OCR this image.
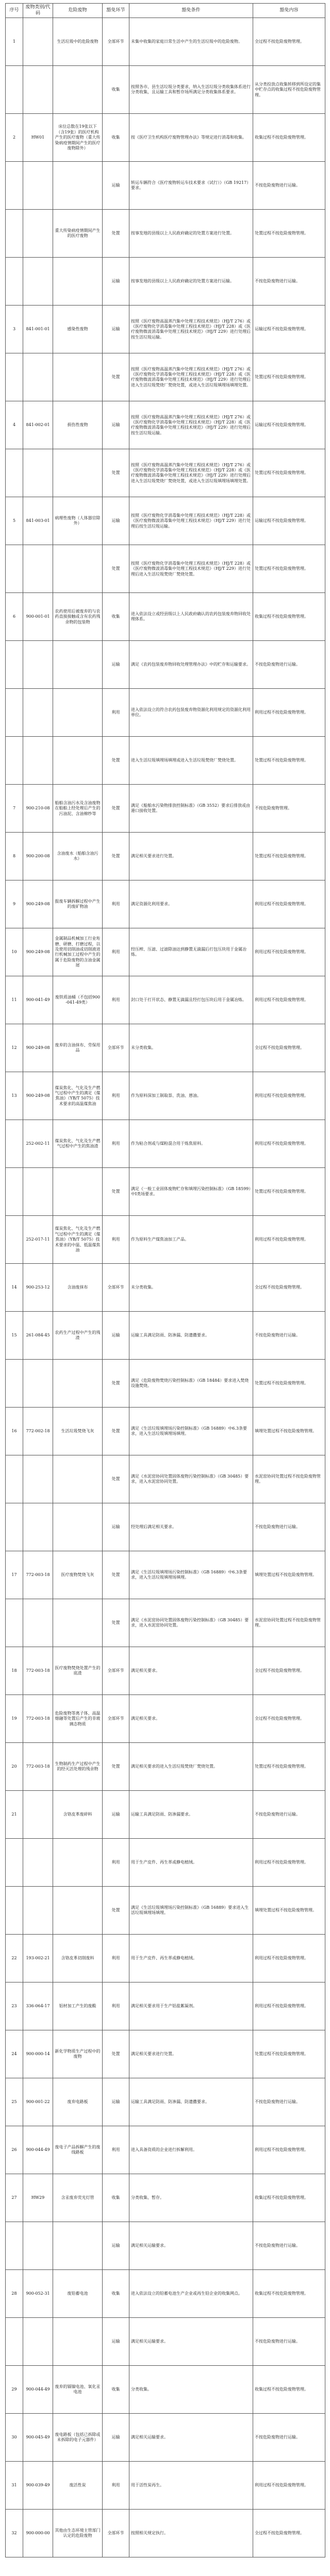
序号	废物类别/代码	危险废物	豁免环节	豁免条件	豁免内容
1		生活垃圾中的危险废物	全部环节	未集中收集的家庭日常生活中产生的生活垃圾中的危险废物。	全过程不按危险废物管理。
			收集	按照各市、县生活垃圾分类要求，纳入生活垃圾分类收集体系进行分类收集，且运输工具和暂存场所满足分类收集体系要求。	从分类投放点收集转移到所设定的集中贮存点的收集过程不按危险废物管理。
2	HW01	床位总数在19张以下（含19张）的医疗机构产生的医疗废物（重大传染病疫情期间产生的医疗废物除外）	收集	按《医疗卫生机构医疗废物管理办法》等规定进行消毒和收集。	收集过程不按危险废物管理。
			运输	转运车辆符合《医疗废物转运车技术要求（试行）》（GB 19217）要求。	不按危险废物进行运输。
		重大传染病疫情期间产生的医疗废物	处置	按事发地的县级以上人民政府确定的处置方案进行处置。	处置过程不按危险废物管理。
			运输	按事发地的县级以上人民政府确定的处置方案进行运输。	不按危险废物进行运输。
3	841-001-01	感染性废物	运输	按照《医疗废物高温蒸汽集中处理工程技术规范》（HJ/T 276）或《医疗废物化学消毒集中处理工程技术规范》（HJ/T 228）或《医疗废物微波消毒集中处理工程技术规范》（HJ/T 229）进行处理后按生活垃圾运输。	运输过程不按危险废物管理。
			处置	按照《医疗废物高温蒸汽集中处理工程技术规范》（HJ/T 276）或《医疗废物化学消毒集中处理工程技术规范》（HJ/T 228）或《医疗废物微波消毒集中处理工程技术规范》（HJ/T 229）进行处理后进入生活垃圾焚烧厂焚烧处置，或进入生活垃圾填埋场填埋处置。	处置过程不按危险废物管理。
4	841-002-01	损伤性废物	运输	按照《医疗废物高温蒸汽集中处理工程技术规范》（HJ/T 276）或《医疗废物化学消毒集中处理工程技术规范》（HJ/T 228）或《医疗废物微波消毒集中处理工程技术规范》（HJ/T 229）进行处理后按生活垃圾运输。	运输过程不按危险废物管理。
			处置	按照《医疗废物高温蒸汽集中处理工程技术规范》（HJ/T 276）或《医疗废物化学消毒集中处理工程技术规范》（HJ/T 228）或《医疗废物微波消毒集中处理工程技术规范》（HJ/T 229）进行处理后进入生活垃圾焚烧厂焚烧处置，或进入生活垃圾填埋场填埋处置。	处置过程不按危险废物管理。
5	841-003-01	病理性废物（人体器官除外）	运输	按照《医疗废物化学消毒集中处理工程技术规范》（HJ/T 228）或《医疗废物微波消毒集中处理工程技术规范》（HJ/T 229）进行处理后按生活垃圾运输。	运输过程不按危险废物管理。
			处置	按照《医疗废物化学消毒集中处理工程技术规范》（HJ/T 228）或《医疗废物微波消毒集中处理工程技术规范》（HJ/T 229）进行处理后进入生活垃圾焚烧厂焚烧处置。	处置过程不按危险废物管理。
6	900-001-01	农药使用后被废弃的与农药直接接触或含有农药残余物的包装物	收集	进入依法设立或经县级以上人民政府确认的农药包装废弃物回收处理体系。	收集过程不按危险废物管理。
			运输	满足《农药包装废弃物回收处理管理办法》中的贮存和运输要求。	不按危险废物进行运输。
			利用	进入依法设立的符合农药包装废弃物资源化利用规定的资源化利用单位。	利用过程不按危险废物管理。
			处置	进入生活垃圾填埋场填埋或进入生活垃圾焚烧厂焚烧处置。	处置过程不按危险废物管理。
7	900-210-08	船舶含油污水及含油废物在船舶上经处理后产生的污油泥、含油棉纱等	处置	满足《船舶水污染物排放控制标准》（GB 3552）要求后排放或由港口接收处置。	不按危险废物管理。
8	900-200-08	含油废水（船舶含油污水）	处置	满足相关要求进行处置。	处置过程不按危险废物管理。
9	900-249-08	报废车辆拆解过程中产生的废矿物油	利用	满足资源化利用要求。	利用过程不按危险废物管理。
10	900-249-08	金属制品机械加工行业珩磨、研磨、打磨过程，以及使用切削油或切削液进行机械加工过程中产生的属于危险废物的含油金属屑	利用	经压榨、压滤、过滤除油达到静置无滴漏后打包压块用于金属冶炼。	利用过程不按危险废物管理。
11	900-041-49	废铁质油桶（不包括900-041-49类）	利用	封口处于打开状态、静置无滴漏且经打包压块后用于金属冶炼。	利用过程不按危险废物管理。
12	900-249-08	废弃的含油抹布、劳保用品	全部环节	未分类收集。	全过程不按危险废物管理。
13	900-249-08	煤炭焦化、气化及生产燃气过程中产生的满足《煤焦油》（YB/T 5075）技术要求的高温煤焦油	利用	作为原料深加工制取萘、洗油、蒽油。	利用过程不按危险废物管理。
	252-002-11	煤炭焦化、气化及生产燃气过程中产生的焦油渣	利用	作为粘合剂或与煤粉混合用于炼焦原料。	利用过程不按危险废物管理。
			处置	满足《一般工业固体废物贮存和填埋污染控制标准》（GB 18599）中Ⅰ类场要求。	处置过程不按危险废物管理。
	252-017-11	煤炭焦化、气化及生产燃气过程中产生的满足《煤焦油》（YB/T 5075）技术要求的中温、低温煤焦油	利用	作为原料生产煤焦油加工产品。	利用过程不按危险废物管理。
14	900-253-12	含油废抹布	全部环节	未分类收集。	全过程不按危险废物管理。
15	261-084-45	农药生产过程中产生的残渣	运输	运输工具满足防雨、防渗漏、防遗撒要求。	不按危险废物进行运输。
			处置	满足《危险废物焚烧污染控制标准》（GB 18484）要求进入焚烧设施焚烧。	处置过程不按危险废物管理。
16	772-002-18	生活垃圾焚烧飞灰	处置	满足《生活垃圾填埋场污染控制标准》（GB 16889）中6.3条要求，进入生活垃圾填埋场填埋。	填埋处置过程不按危险废物管理。
			处置	满足《水泥窑协同处置固体废物污染控制标准》（GB 30485）要求，进入水泥窑协同处置。	水泥窑协同处置过程不按危险废物管理。
			运输	经处理后满足相关要求。	不按危险废物进行运输。
17	772-003-18	医疗废物焚烧飞灰	处置	满足《生活垃圾填埋场污染控制标准》（GB 16889）中6.3条要求，进入生活垃圾填埋场填埋。	填埋处置过程不按危险废物管理。
			处置	满足《水泥窑协同处置固体废物污染控制标准》（GB 30485）要求，进入水泥窑协同处置。	水泥窑协同处置过程不按危险废物管理。
18	772-003-18	医疗废物焚烧处置产生的底渣	全部环节	满足相关要求。	全过程不按危险废物管理。
19	772-003-18	危险废物等离子体、高温熔融等处置后产生的非玻璃态物质	全部环节	满足相关要求。	全过程不按危险废物管理。
20	772-003-18	生物制药生产过程中产生的经灭活处理的残余物	处置	满足相关要求的进入生活垃圾焚烧厂焚烧处置。	处置过程不按危险废物管理。
21		含铬皮革废碎料	运输	运输工具满足防雨、防渗漏要求。	不按危险废物进行运输。
			利用	用于生产皮件、再生革或静电植绒。	利用过程不按危险废物管理。
			处置	满足《生活垃圾填埋场污染控制标准》（GB 16889）要求进入生活垃圾填埋场填埋。	填埋处置过程不按危险废物管理。
22	193-002-21	含铬皮革切削废料	利用	用于生产皮件、再生革或静电植绒。	利用过程不按危险废物管理。
23	336-064-17	铝材加工产生的废酸	利用	满足相关要求用于生产铝盐絮凝剂。	利用过程不按危险废物管理。
24	900-000-14	新化学物质生产过程中的废物	处置	满足相关要求进行处置。	处置过程不按危险废物管理。
25	900-001-22	废弃电路板	运输	运输工具满足防雨、防渗漏、防遗撒要求。	不按危险废物进行运输。
26	900-044-49	废电子产品拆解产生的废线路板	利用	进入具备资质的企业进行拆解利用。	利用过程不按危险废物管理。
27	HW29	含汞废弃荧光灯管	收集	分类收集、暂存。	收集过程不按危险废物管理。
			运输	满足相关运输要求。	不按危险废物进行运输。
28	900-052-31	废铅蓄电池	收集	进入依法设立的铅蓄电池生产企业或再生铅企业的收集网点。	收集过程不按危险废物管理。
			运输	满足相关运输要求。	不按危险废物进行运输。
29	900-044-49	废弃的镉镍电池、氧化汞电池	收集	分类收集。	收集过程不按危险废物管理。
30	900-045-49	废电路板（包括已拆除或未拆除的电子元器件）	运输	满足相关运输要求。	不按危险废物进行运输。
31	900-039-49	废活性炭	利用	用于活性炭再生。	利用过程不按危险废物管理。
32	900-000-00	其他由生态环境主管部门认定的危险废物	全部环节	按照相关规定执行。	全过程不按危险废物管理。
